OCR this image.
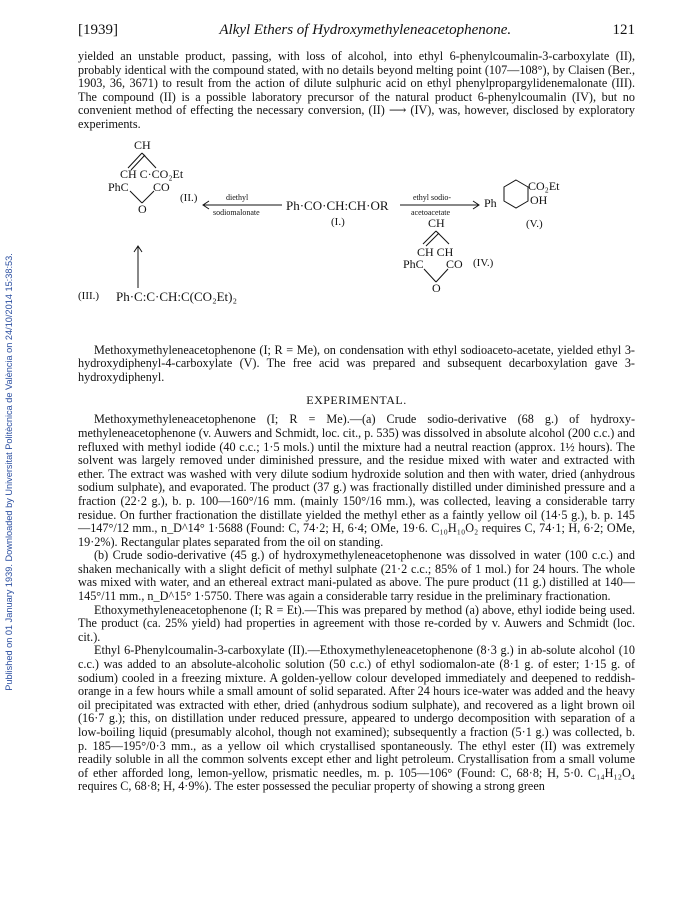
Published on 01 January 1939. Downloaded by Universitat Politècnica de València on 24/10/2014 15:38:53.
[1939]	Alkyl Ethers of Hydroxymethyleneacetophenone.	121

yielded an unstable product, passing, with loss of alcohol, into ethyl 6-phenylcoumalin-3-carboxylate (II), probably identical with the compound stated, with no details beyond melting point (107—108°), by Claisen (Ber., 1903, 36, 3671) to result from the action of dilute sulphuric acid on ethyl phenylpropargylidenemalonate (III). The compound (II) is a possible laboratory precursor of the natural product 6-phenylcoumalin (IV), but no convenient method of effecting the necessary conversion, (II) ⟶ (IV), was, however, disclosed by exploratory experiments.

CH
CH C·CO₂Et
PhC CO
O
(II.)	diethyl
sodiomalonate Ph·CO·CH:CH·OR
(I.)
ethyl sodio-
acetoacetate
Ph
CO₂Et
OH
(V.)
CH
CH CH
PhC CO
O
(IV.)
(III.) Ph·C:C·CH:C(CO₂Et)₂

Methoxymethyleneacetophenone (I; R = Me), on condensation with ethyl sodioaceto-acetate, yielded ethyl 3-hydroxydiphenyl-4-carboxylate (V). The free acid was prepared and subsequent decarboxylation gave 3-hydroxydiphenyl.

EXPERIMENTAL.

Methoxymethyleneacetophenone (I; R = Me).—(a) Crude sodio-derivative (68 g.) of hydroxy-methyleneacetophenone (v. Auwers and Schmidt, loc. cit., p. 535) was dissolved in absolute alcohol (200 c.c.) and refluxed with methyl iodide (40 c.c.; 1·5 mols.) until the mixture had a neutral reaction (approx. 1½ hours). The solvent was largely removed under diminished pressure, and the residue mixed with water and extracted with ether. The extract was washed with very dilute sodium hydroxide solution and then with water, dried (anhydrous sodium sulphate), and evaporated. The product (37 g.) was fractionally distilled under diminished pressure and a fraction (22·2 g.), b. p. 100—160°/16 mm. (mainly 150°/16 mm.), was collected, leaving a considerable tarry residue. On further fractionation the distillate yielded the methyl ether as a faintly yellow oil (14·5 g.), b. p. 145—147°/12 mm., n_D^14° 1·5688 (Found: C, 74·2; H, 6·4; OMe, 19·6. C₁₀H₁₀O₂ requires C, 74·1; H, 6·2; OMe, 19·2%). Rectangular plates separated from the oil on standing.

(b) Crude sodio-derivative (45 g.) of hydroxymethyleneacetophenone was dissolved in water (100 c.c.) and shaken mechanically with a slight deficit of methyl sulphate (21·2 c.c.; 85% of 1 mol.) for 24 hours. The whole was mixed with water, and an ethereal extract mani-pulated as above. The pure product (11 g.) distilled at 140—145°/11 mm., n_D^15° 1·5750. There was again a considerable tarry residue in the preliminary fractionation.

Ethoxymethyleneacetophenone (I; R = Et).—This was prepared by method (a) above, ethyl iodide being used. The product (ca. 25% yield) had properties in agreement with those re-corded by v. Auwers and Schmidt (loc. cit.).

Ethyl 6-Phenylcoumalin-3-carboxylate (II).—Ethoxymethyleneacetophenone (8·3 g.) in ab-solute alcohol (10 c.c.) was added to an absolute-alcoholic solution (50 c.c.) of ethyl sodiomalon-ate (8·1 g. of ester; 1·15 g. of sodium) cooled in a freezing mixture. A golden-yellow colour developed immediately and deepened to reddish-orange in a few hours while a small amount of solid separated. After 24 hours ice-water was added and the heavy oil precipitated was extracted with ether, dried (anhydrous sodium sulphate), and recovered as a light brown oil (16·7 g.); this, on distillation under reduced pressure, appeared to undergo decomposition with separation of a low-boiling liquid (presumably alcohol, though not examined); subsequently a fraction (5·1 g.) was collected, b. p. 185—195°/0·3 mm., as a yellow oil which crystallised spontaneously. The ethyl ester (II) was extremely readily soluble in all the common solvents except ether and light petroleum. Crystallisation from a small volume of ether afforded long, lemon-yellow, prismatic needles, m. p. 105—106° (Found: C, 68·8; H, 5·0. C₁₄H₁₂O₄ requires C, 68·8; H, 4·9%). The ester possessed the peculiar property of showing a strong green
